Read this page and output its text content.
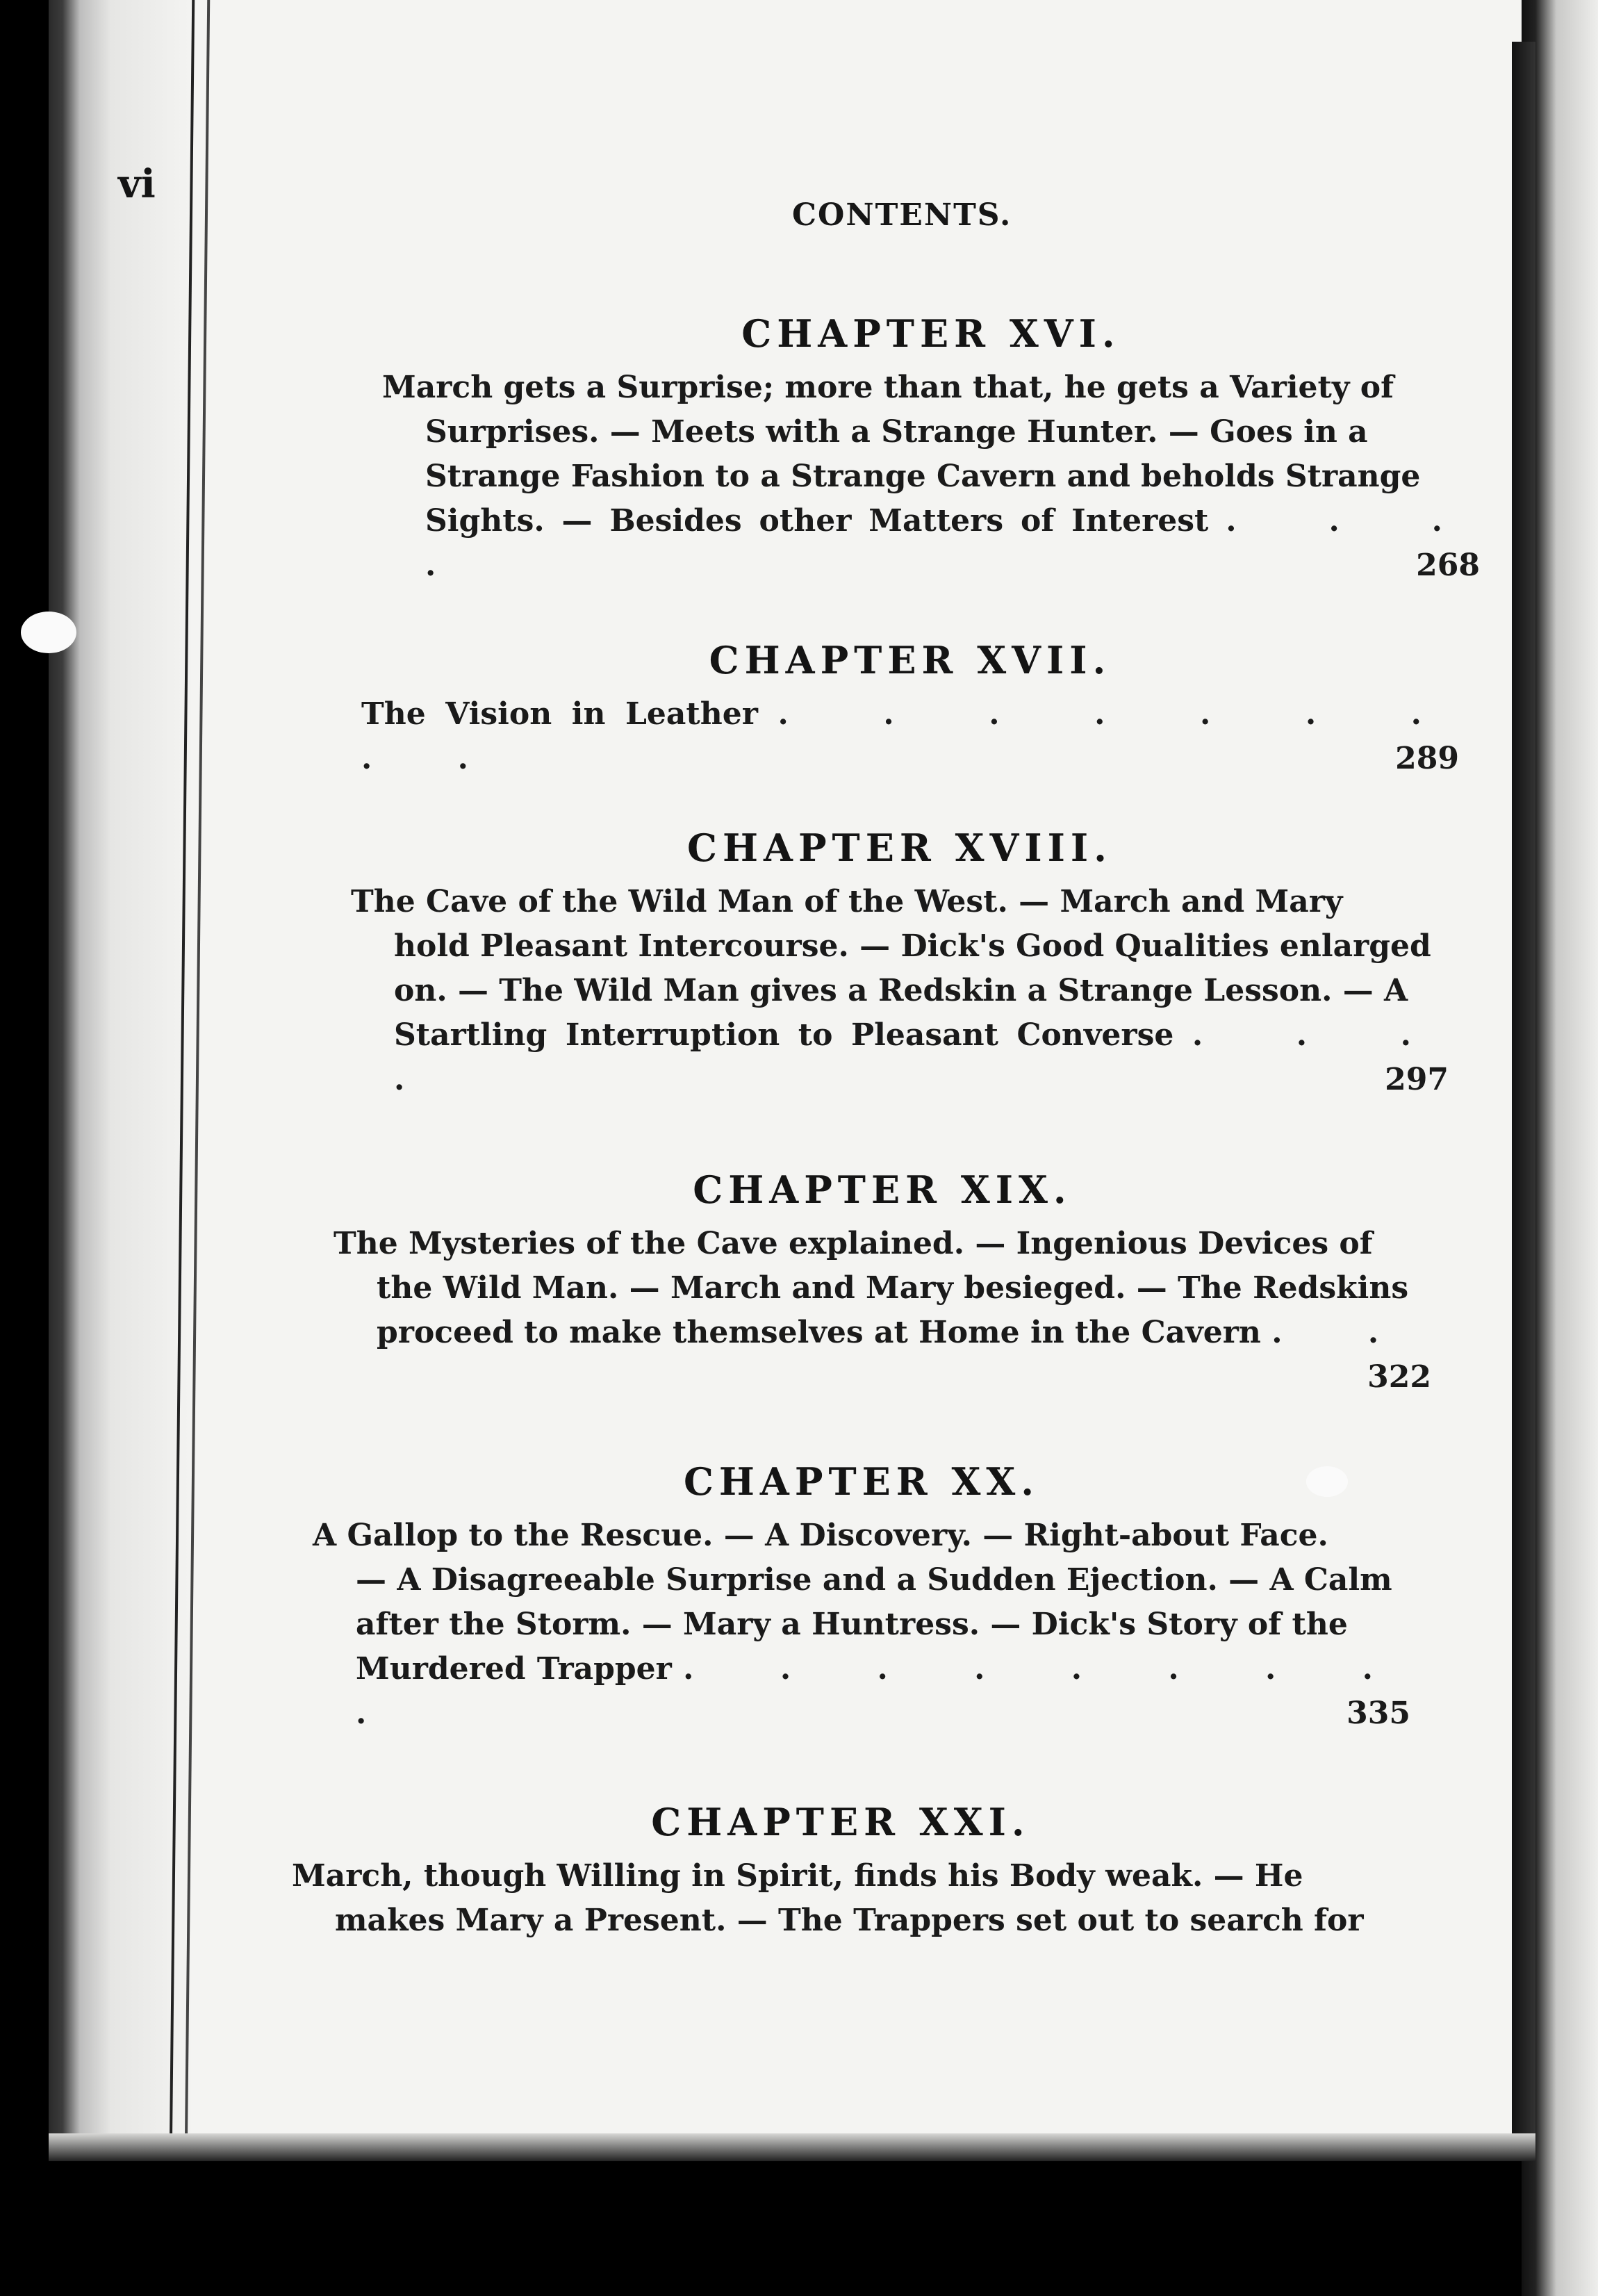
vi
CONTENTS.
CHAPTER XVI.

March gets a Surprise; more than that, he gets a Variety of
Surprises. — Meets with a Strange Hunter. — Goes in a
Strange Fashion to a Strange Cavern and beholds Strange
Sights. — Besides other Matters of Interest . . . .	268

CHAPTER XVII.

The Vision in Leather . . . . . . . . .	289

CHAPTER XVIII.

The Cave of the Wild Man of the West. — March and Mary
hold Pleasant Intercourse. — Dick's Good Qualities enlarged
on. — The Wild Man gives a Redskin a Strange Lesson. — A
Startling Interruption to Pleasant Converse . . . .	297

CHAPTER XIX.

The Mysteries of the Cave explained. — Ingenious Devices of
the Wild Man. — March and Mary besieged. — The Redskins
proceed to make themselves at Home in the Cavern . .
322

CHAPTER XX.

A Gallop to the Rescue. — A Discovery. — Right-about Face.
— A Disagreeable Surprise and a Sudden Ejection. — A Calm
after the Storm. — Mary a Huntress. — Dick's Story of the
Murdered Trapper . . . . . . . . .	335

CHAPTER XXI.

March, though Willing in Spirit, finds his Body weak. — He
makes Mary a Present. — The Trappers set out to search for
